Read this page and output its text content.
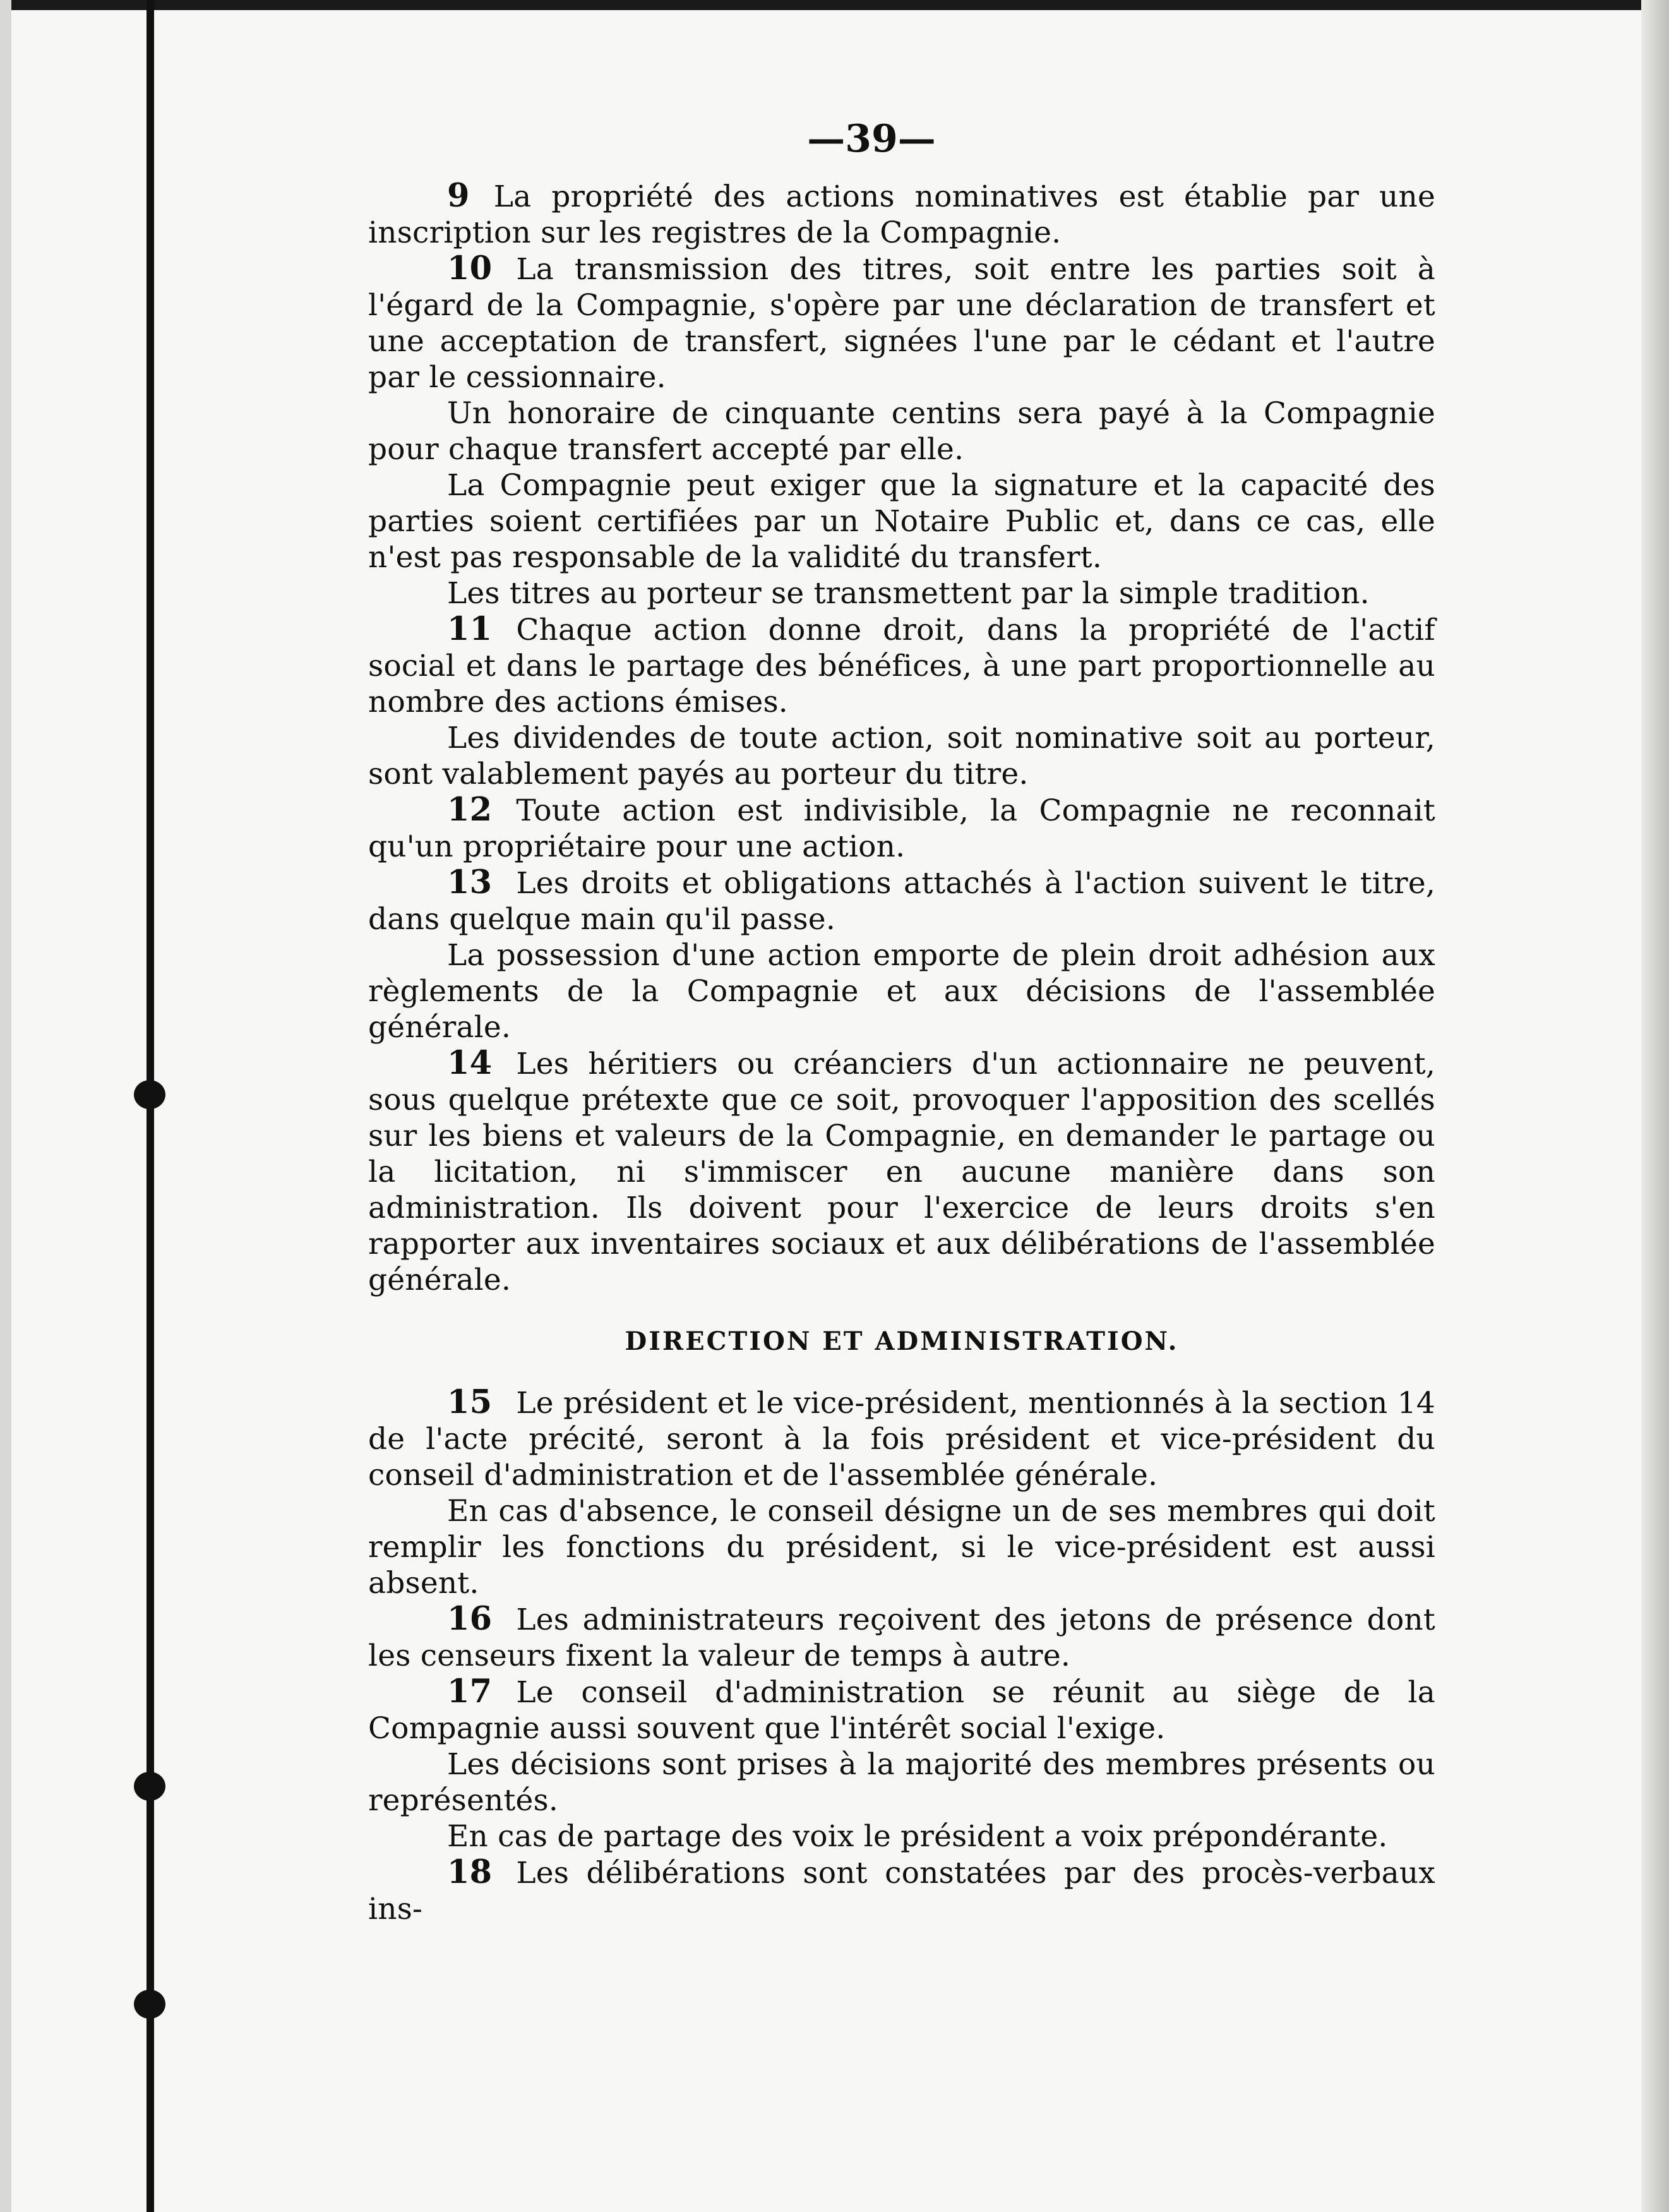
—39—

9 La propriété des actions nominatives est établie par une inscription sur les registres de la Compagnie.

10 La transmission des titres, soit entre les parties soit à l'égard de la Compagnie, s'opère par une déclaration de transfert et une acceptation de transfert, signées l'une par le cédant et l'autre par le cessionnaire.

Un honoraire de cinquante centins sera payé à la Compagnie pour chaque transfert accepté par elle.

La Compagnie peut exiger que la signature et la capacité des parties soient certifiées par un Notaire Public et, dans ce cas, elle n'est pas responsable de la validité du transfert.

Les titres au porteur se transmettent par la simple tradition.

11 Chaque action donne droit, dans la propriété de l'actif social et dans le partage des bénéfices, à une part proportionnelle au nombre des actions émises.

Les dividendes de toute action, soit nominative soit au porteur, sont valablement payés au porteur du titre.

12 Toute action est indivisible, la Compagnie ne reconnait qu'un propriétaire pour une action.

13 Les droits et obligations attachés à l'action suivent le titre, dans quelque main qu'il passe.

La possession d'une action emporte de plein droit adhésion aux règlements de la Compagnie et aux décisions de l'assemblée générale.

14 Les héritiers ou créanciers d'un actionnaire ne peuvent, sous quelque prétexte que ce soit, provoquer l'apposition des scellés sur les biens et valeurs de la Compagnie, en demander le partage ou la licitation, ni s'immiscer en aucune manière dans son administration. Ils doivent pour l'exercice de leurs droits s'en rapporter aux inventaires sociaux et aux délibérations de l'assemblée générale.

DIRECTION ET ADMINISTRATION.

15 Le président et le vice-président, mentionnés à la section 14 de l'acte précité, seront à la fois président et vice-président du conseil d'administration et de l'assemblée générale.

En cas d'absence, le conseil désigne un de ses membres qui doit remplir les fonctions du président, si le vice-président est aussi absent.

16 Les administrateurs reçoivent des jetons de présence dont les censeurs fixent la valeur de temps à autre.

17 Le conseil d'administration se réunit au siège de la Compagnie aussi souvent que l'intérêt social l'exige.

Les décisions sont prises à la majorité des membres présents ou représentés.

En cas de partage des voix le président a voix prépondérante.

18 Les délibérations sont constatées par des procès-verbaux ins-
